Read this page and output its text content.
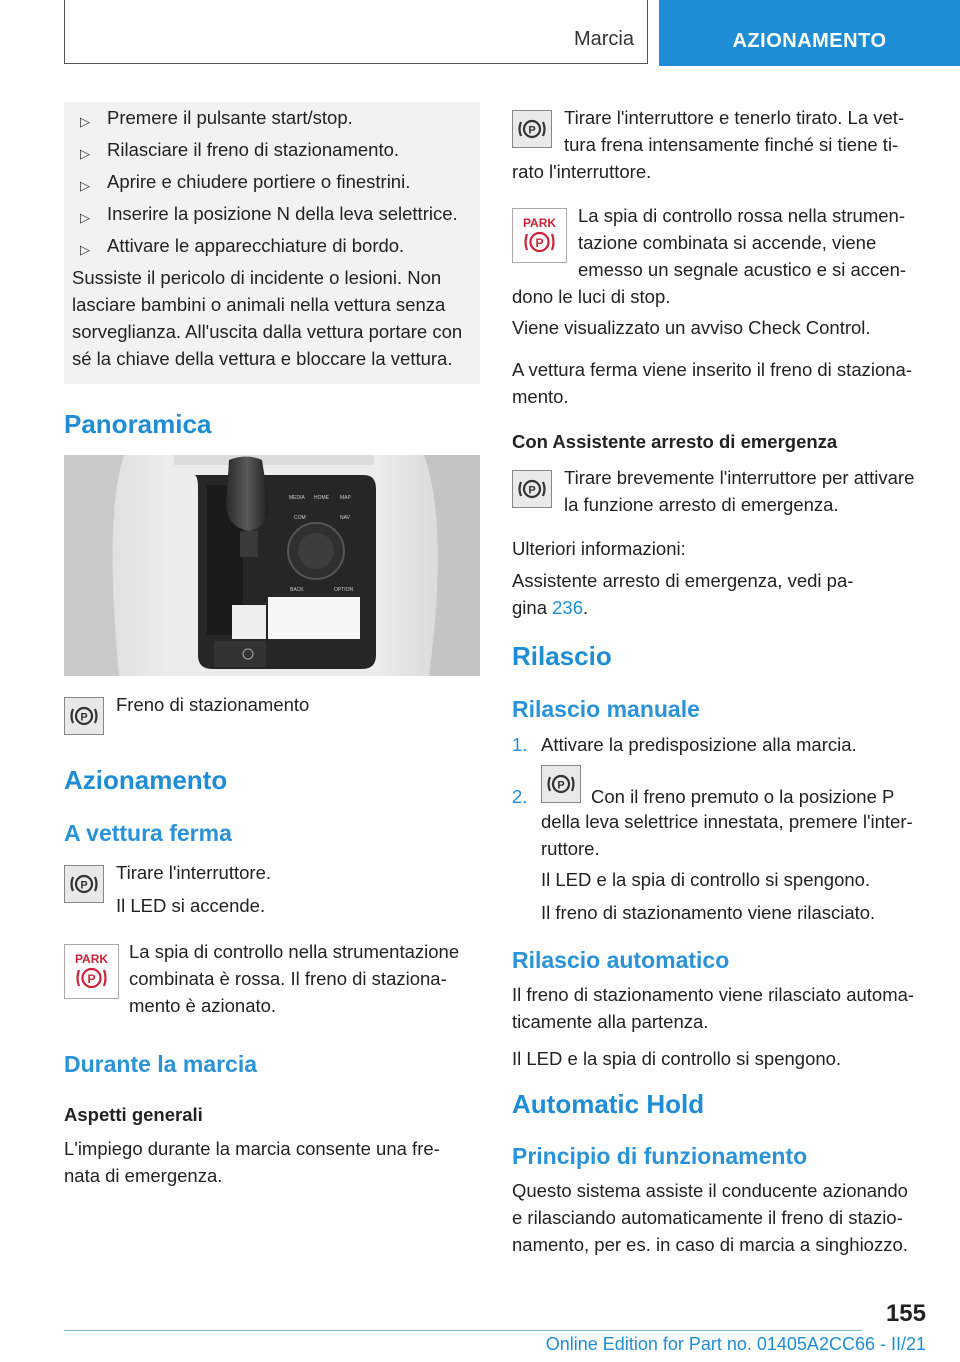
Marcia	AZIONAMENTO
▷ Premere il pulsante start/stop.
▷ Rilasciare il freno di stazionamento.
▷ Aprire e chiudere portiere o finestrini.
▷ Inserire la posizione N della leva selettrice.
▷ Attivare le apparecchiature di bordo.
Sussiste il pericolo di incidente o lesioni. Non
lasciare bambini o animali nella vettura senza
sorveglianza. All'uscita dalla vettura portare con
sé la chiave della vettura e bloccare la vettura.
Panoramica
MEDIA HOME MAP
COM	NAV
BACK	OPTION
P
Freno di stazionamento
Azionamento
A vettura ferma
P
Tirare l'interruttore.
Il LED si accende.
PARK
P
La spia di controllo nella strumentazione
combinata è rossa. Il freno di staziona-
mento è azionato.
Durante la marcia
Aspetti generali
L'impiego durante la marcia consente una fre-
nata di emergenza.
P
Tirare l'interruttore e tenerlo tirato. La vet-
tura frena intensamente finché si tiene ti-
rato l'interruttore.
PARK
P
La spia di controllo rossa nella strumen-
tazione combinata si accende, viene
emesso un segnale acustico e si accen-
dono le luci di stop.
Viene visualizzato un avviso Check Control.
A vettura ferma viene inserito il freno di staziona-
mento.
Con Assistente arresto di emergenza
P
Tirare brevemente l'interruttore per attivare
la funzione arresto di emergenza.
Ulteriori informazioni:
Assistente arresto di emergenza, vedi pa-
gina 236.
Rilascio
Rilascio manuale
1. Attivare la predisposizione alla marcia.
2.
P
Con il freno premuto o la posizione P
della leva selettrice innestata, premere l'inter-
ruttore.
Il LED e la spia di controllo si spengono.
Il freno di stazionamento viene rilasciato.
Rilascio automatico
Il freno di stazionamento viene rilasciato automa-
ticamente alla partenza.
Il LED e la spia di controllo si spengono.
Automatic Hold
Principio di funzionamento
Questo sistema assiste il conducente azionando
e rilasciando automaticamente il freno di stazio-
namento, per es. in caso di marcia a singhiozzo.
155
Online Edition for Part no. 01405A2CC66 - II/21
